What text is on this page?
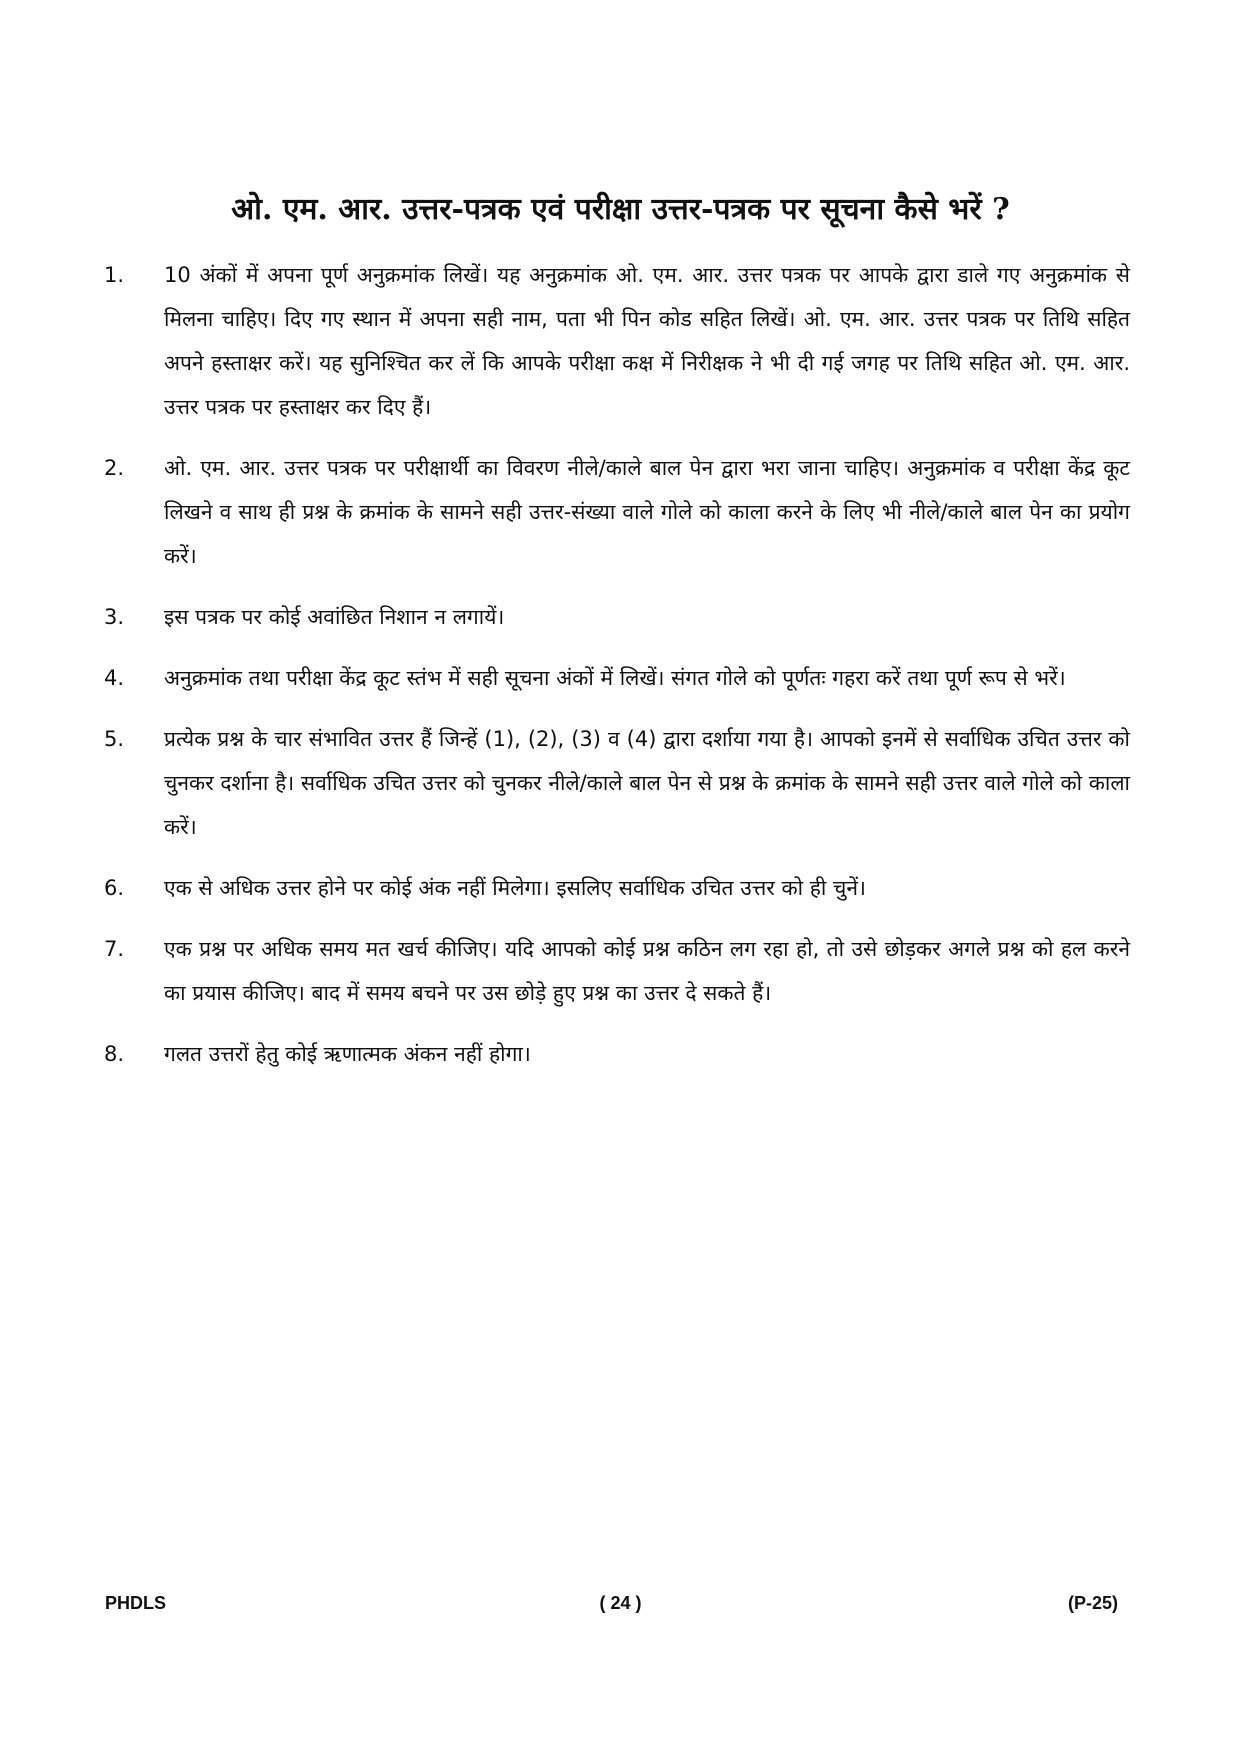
ओ. एम. आर. उत्तर-पत्रक एवं परीक्षा उत्तर-पत्रक पर सूचना कैसे भरें ?
1.	10 अंकों में अपना पूर्ण अनुक्रमांक लिखें। यह अनुक्रमांक ओ. एम. आर. उत्तर पत्रक पर आपके द्वारा डाले गए अनुक्रमांक से मिलना चाहिए। दिए गए स्थान में अपना सही नाम, पता भी पिन कोड सहित लिखें। ओ. एम. आर. उत्तर पत्रक पर तिथि सहित अपने हस्ताक्षर करें। यह सुनिश्चित कर लें कि आपके परीक्षा कक्ष में निरीक्षक ने भी दी गई जगह पर तिथि सहित ओ. एम. आर. उत्तर पत्रक पर हस्ताक्षर कर दिए हैं।
2.	ओ. एम. आर. उत्तर पत्रक पर परीक्षार्थी का विवरण नीले/काले बाल पेन द्वारा भरा जाना चाहिए। अनुक्रमांक व परीक्षा केंद्र कूट लिखने व साथ ही प्रश्न के क्रमांक के सामने सही उत्तर-संख्या वाले गोले को काला करने के लिए भी नीले/काले बाल पेन का प्रयोग करें।
3.	इस पत्रक पर कोई अवांछित निशान न लगायें।
4.	अनुक्रमांक तथा परीक्षा केंद्र कूट स्तंभ में सही सूचना अंकों में लिखें। संगत गोले को पूर्णतः गहरा करें तथा पूर्ण रूप से भरें।
5.	प्रत्येक प्रश्न के चार संभावित उत्तर हैं जिन्हें (1), (2), (3) व (4) द्वारा दर्शाया गया है। आपको इनमें से सर्वाधिक उचित उत्तर को चुनकर दर्शाना है। सर्वाधिक उचित उत्तर को चुनकर नीले/काले बाल पेन से प्रश्न के क्रमांक के सामने सही उत्तर वाले गोले को काला करें।
6.	एक से अधिक उत्तर होने पर कोई अंक नहीं मिलेगा। इसलिए सर्वाधिक उचित उत्तर को ही चुनें।
7.	एक प्रश्न पर अधिक समय मत खर्च कीजिए। यदि आपको कोई प्रश्न कठिन लग रहा हो, तो उसे छोड़कर अगले प्रश्न को हल करने का प्रयास कीजिए। बाद में समय बचने पर उस छोड़े हुए प्रश्न का उत्तर दे सकते हैं।
8.	गलत उत्तरों हेतु कोई ऋणात्मक अंकन नहीं होगा।
PHDLS	( 24 )	(P-25)
